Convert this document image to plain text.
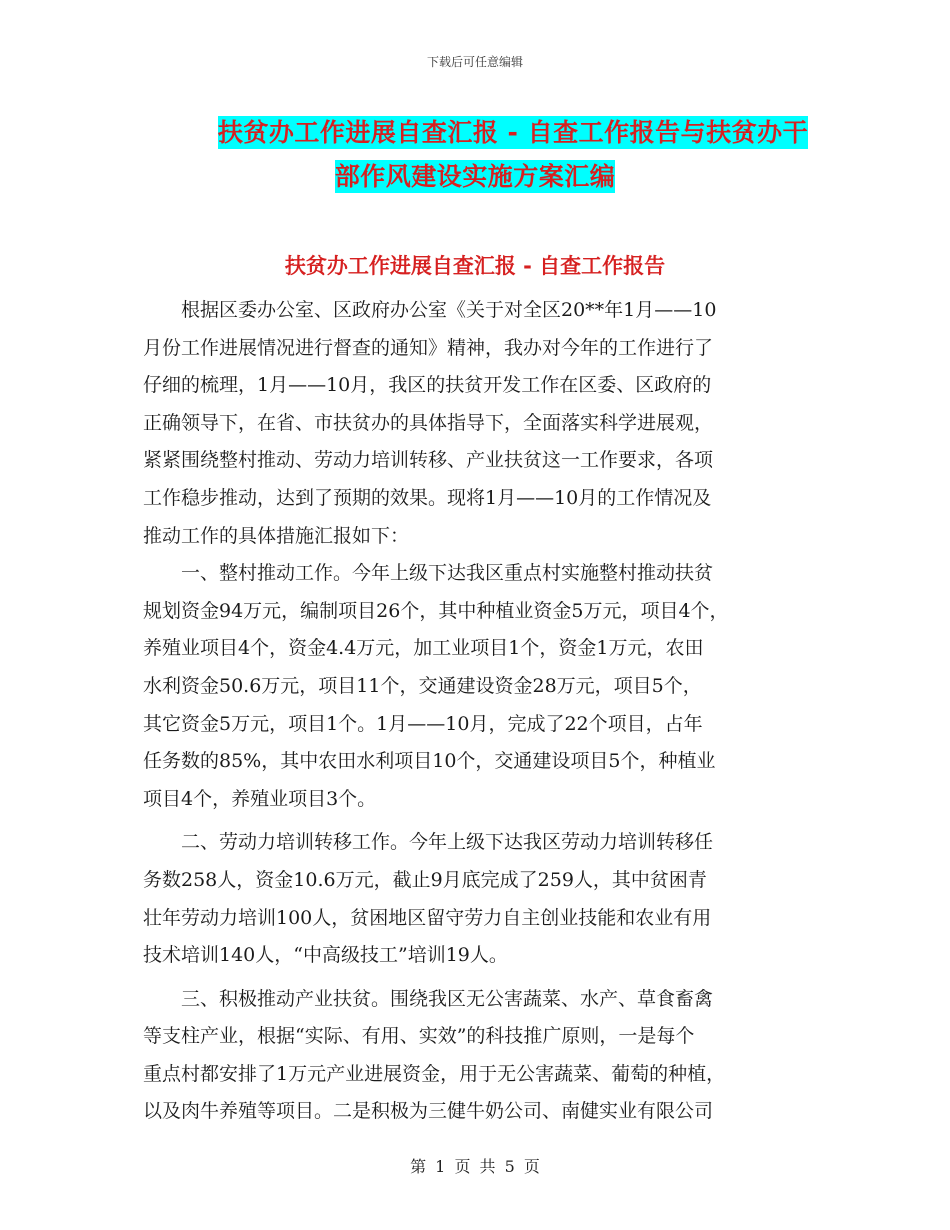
下载后可任意编辑
扶贫办工作进展自查汇报 - 自查工作报告与扶贫办干
部作风建设实施方案汇编
扶贫办工作进展自查汇报 - 自查工作报告
　　根据区委办公室、区政府办公室《关于对全区20**年1月——10
月份工作进展情况进行督查的通知》精神，我办对今年的工作进行了
仔细的梳理，1月——10月，我区的扶贫开发工作在区委、区政府的
正确领导下，在省、市扶贫办的具体指导下，全面落实科学进展观，
紧紧围绕整村推动、劳动力培训转移、产业扶贫这一工作要求，各项
工作稳步推动，达到了预期的效果。现将1月——10月的工作情况及
推动工作的具体措施汇报如下：
　　一、整村推动工作。今年上级下达我区重点村实施整村推动扶贫
规划资金94万元，编制项目26个，其中种植业资金5万元，项目4个，
养殖业项目4个，资金4.4万元，加工业项目1个，资金1万元，农田
水利资金50.6万元，项目11个，交通建设资金28万元，项目5个，
其它资金5万元，项目1个。1月——10月，完成了22个项目，占年
任务数的85%，其中农田水利项目10个，交通建设项目5个，种植业
项目4个，养殖业项目3个。
　　二、劳动力培训转移工作。今年上级下达我区劳动力培训转移任
务数258人，资金10.6万元，截止9月底完成了259人，其中贫困青
壮年劳动力培训100人，贫困地区留守劳力自主创业技能和农业有用
技术培训140人，“中高级技工”培训19人。
　　三、积极推动产业扶贫。围绕我区无公害蔬菜、水产、草食畜禽
等支柱产业，根据“实际、有用、实效”的科技推广原则，一是每个
重点村都安排了1万元产业进展资金，用于无公害蔬菜、葡萄的种植，
以及肉牛养殖等项目。二是积极为三健牛奶公司、南健实业有限公司
第 1 页 共 5 页
